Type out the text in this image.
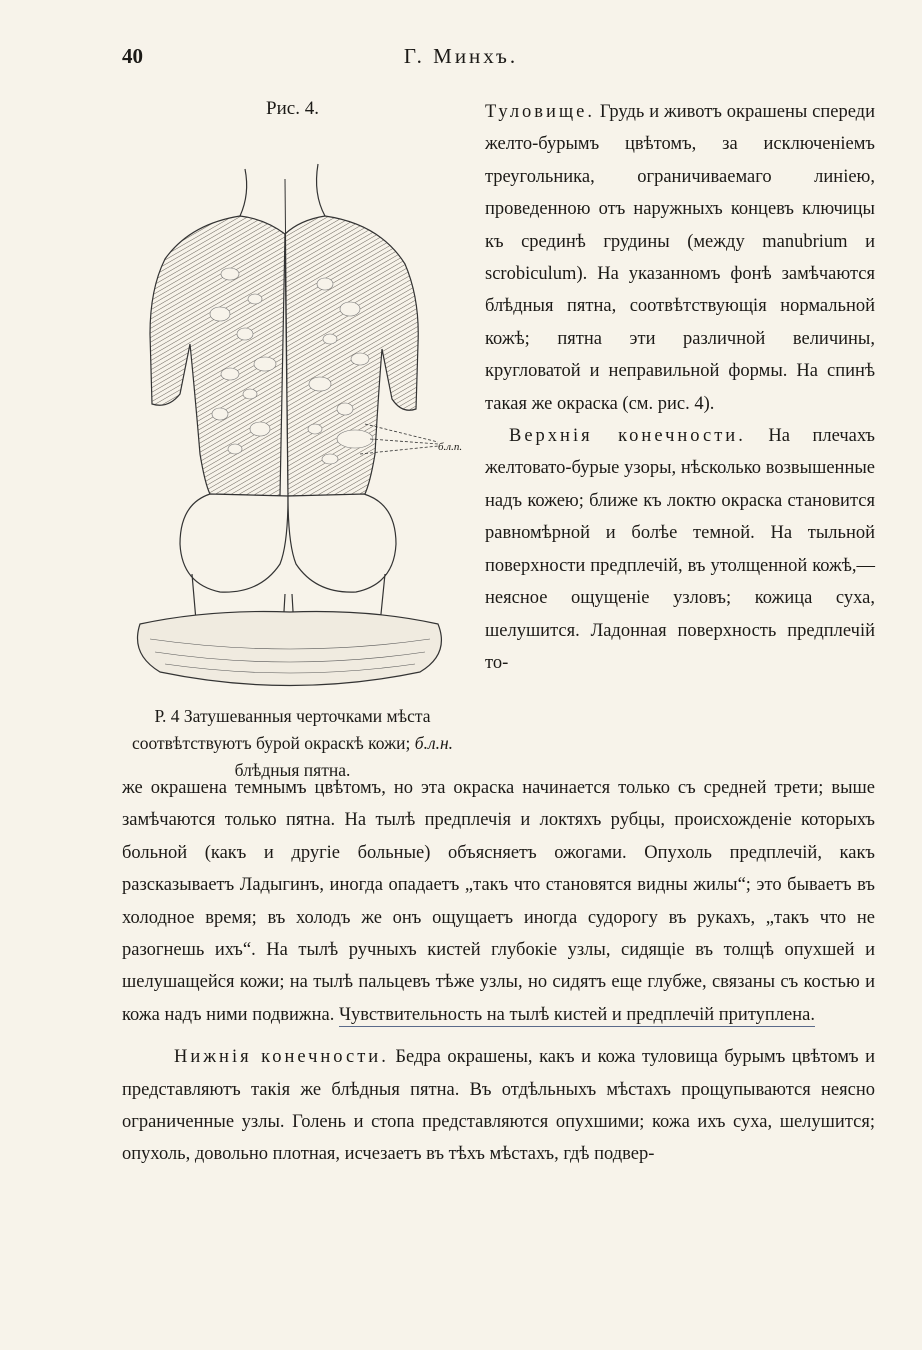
40	Г. Минхъ.
Рис. 4.
б.л.п.
Р. 4 Затушеванныя черточками мѣста соотвѣтствуютъ бурой окраскѣ кожи; б.л.н. блѣдныя пятна.

Туловище. Грудь и животъ окрашены спереди желто-бурымъ цвѣтомъ, за исключеніемъ треугольника, ограничиваемаго линіею, проведенною отъ наружныхъ концевъ ключицы къ срединѣ грудины (между manubrium и scrobiculum). На указанномъ фонѣ замѣчаются блѣдныя пятна, соотвѣтствующія нормальной кожѣ; пятна эти различной величины, кругловатой и неправильной формы. На спинѣ такая же окраска (см. рис. 4).

Верхнія конечности. На плечахъ желтовато-бурые узоры, нѣсколько возвышенные надъ кожею; ближе къ локтю окраска становится равномѣрной и болѣе темной. На тыльной поверхности предплечій, въ утолщенной кожѣ,—неясное ощущеніе узловъ; кожица суха, шелушится. Ладонная поверхность предплечій то-

же окрашена темнымъ цвѣтомъ, но эта окраска начинается только съ средней трети; выше замѣчаются только пятна. На тылѣ предплечія и локтяхъ рубцы, происхожденіе которыхъ больной (какъ и другіе больные) объясняетъ ожогами. Опухоль предплечій, какъ разсказываетъ Ладыгинъ, иногда опадаетъ „такъ что становятся видны жилы“; это бываетъ въ холодное время; въ холодъ же онъ ощущаетъ иногда судорогу въ рукахъ, „такъ что не разогнешь ихъ“. На тылѣ ручныхъ кистей глубокіе узлы, сидящіе въ толщѣ опухшей и шелушащейся кожи; на тылѣ пальцевъ тѣже узлы, но сидятъ еще глубже, связаны съ костью и кожа надъ ними подвижна. Чувствительность на тылѣ кистей и предплечій притуплена.

Нижнія конечности. Бедра окрашены, какъ и кожа туловища бурымъ цвѣтомъ и представляютъ такія же блѣдныя пятна. Въ отдѣльныхъ мѣстахъ прощупываются неясно ограниченные узлы. Голень и стопа представляются опухшими; кожа ихъ суха, шелушится; опухоль, довольно плотная, исчезаетъ въ тѣхъ мѣстахъ, гдѣ подвер-
